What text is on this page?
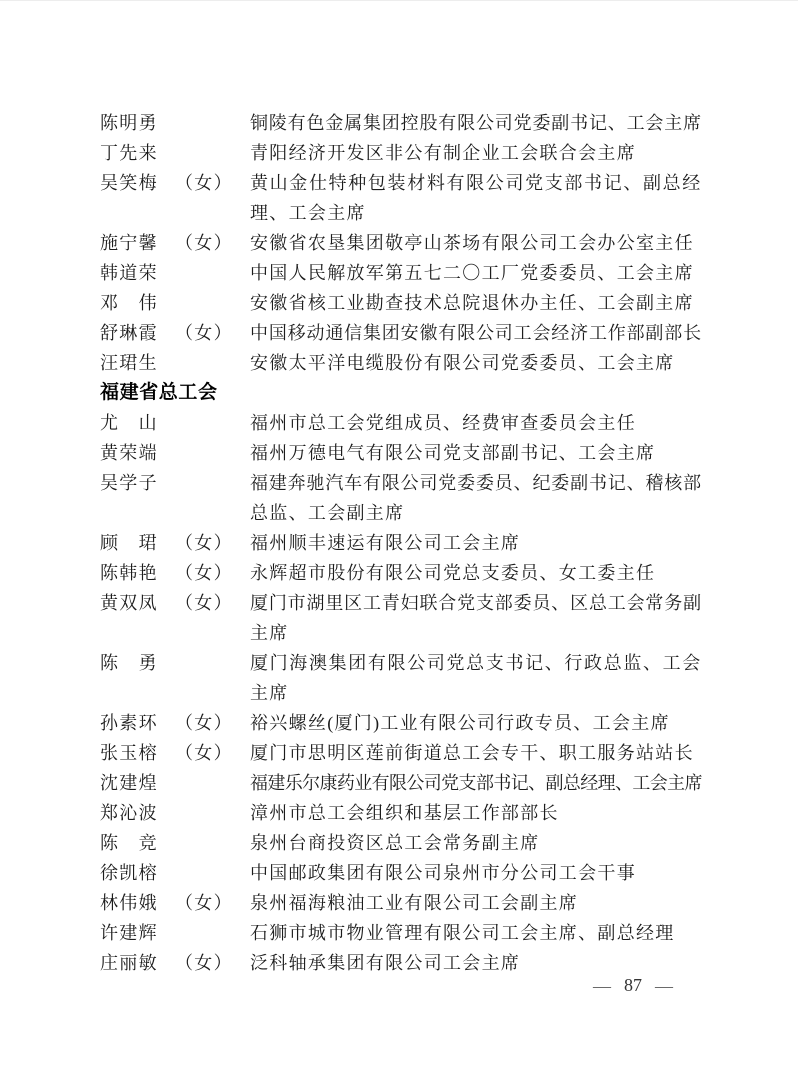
陈明勇	铜陵有色金属集团控股有限公司党委副书记、工会主席
丁先来	青阳经济开发区非公有制企业工会联合会主席
吴笑梅 （女） 黄山金仕特种包装材料有限公司党支部书记、副总经
理、工会主席
施宁馨 （女） 安徽省农垦集团敬亭山茶场有限公司工会办公室主任
韩道荣	中国人民解放军第五七二〇工厂党委委员、工会主席
邓　伟	安徽省核工业勘查技术总院退休办主任、工会副主席
舒琳霞 （女） 中国移动通信集团安徽有限公司工会经济工作部副部长
汪珺生	安徽太平洋电缆股份有限公司党委委员、工会主席
福建省总工会
尤　山	福州市总工会党组成员、经费审查委员会主任
黄荣端	福州万德电气有限公司党支部副书记、工会主席
吴学子	福建奔驰汽车有限公司党委委员、纪委副书记、稽核部
总监、工会副主席
顾　珺 （女） 福州顺丰速运有限公司工会主席
陈韩艳 （女） 永辉超市股份有限公司党总支委员、女工委主任
黄双凤 （女） 厦门市湖里区工青妇联合党支部委员、区总工会常务副
主席
陈　勇	厦门海澳集团有限公司党总支书记、行政总监、工会
主席
孙素环 （女） 裕兴螺丝(厦门)工业有限公司行政专员、工会主席
张玉榕 （女） 厦门市思明区莲前街道总工会专干、职工服务站站长
沈建煌	福建乐尔康药业有限公司党支部书记、副总经理、工会主席
郑沁波	漳州市总工会组织和基层工作部部长
陈　竞	泉州台商投资区总工会常务副主席
徐凯榕	中国邮政集团有限公司泉州市分公司工会干事
林伟娥 （女） 泉州福海粮油工业有限公司工会副主席
许建辉	石狮市城市物业管理有限公司工会主席、副总经理
庄丽敏 （女） 泛科轴承集团有限公司工会主席
— 87 —
